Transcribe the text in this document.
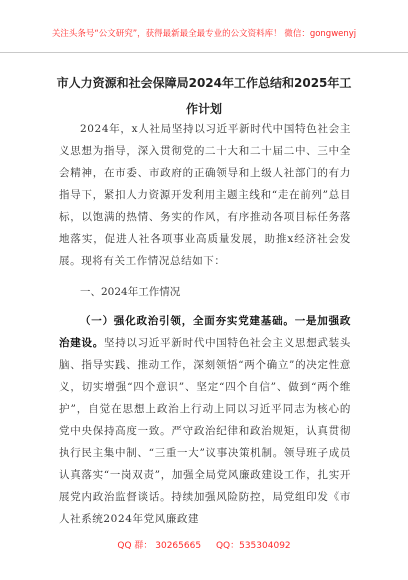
关注头条号“公文研究”，获得最新最全最专业的公文资料库！ 微信：gongwenyj
市人力资源和社会保障局2024年工作总结和2025年工作计划
2024年，x人社局坚持以习近平新时代中国特色社会主义思想为指导，深入贯彻党的二十大和二十届二中、三中全会精神，在市委、市政府的正确领导和上级人社部门的有力指导下，紧扣人力资源开发利用主题主线和“走在前列”总目标，以饱满的热情、务实的作风，有序推动各项目标任务落地落实，促进人社各项事业高质量发展，助推x经济社会发展。现将有关工作情况总结如下：
一、2024年工作情况
（一）强化政治引领，全面夯实党建基础。一是加强政治建设。坚持以习近平新时代中国特色社会主义思想武装头脑、指导实践、推动工作，深刻领悟“两个确立”的决定性意义，切实增强“四个意识”、坚定“四个自信”、做到“两个维护”，自觉在思想上政治上行动上同以习近平同志为核心的党中央保持高度一致。严守政治纪律和政治规矩，认真贯彻执行民主集中制、“三重一大”议事决策机制。领导班子成员认真落实“一岗双责”，加强全局党风廉政建设工作，扎实开展党内政治监督谈话。持续加强风险防控，局党组印发《市人社系统2024年党风廉政建
QQ 群： 30265665 QQ：535304092
